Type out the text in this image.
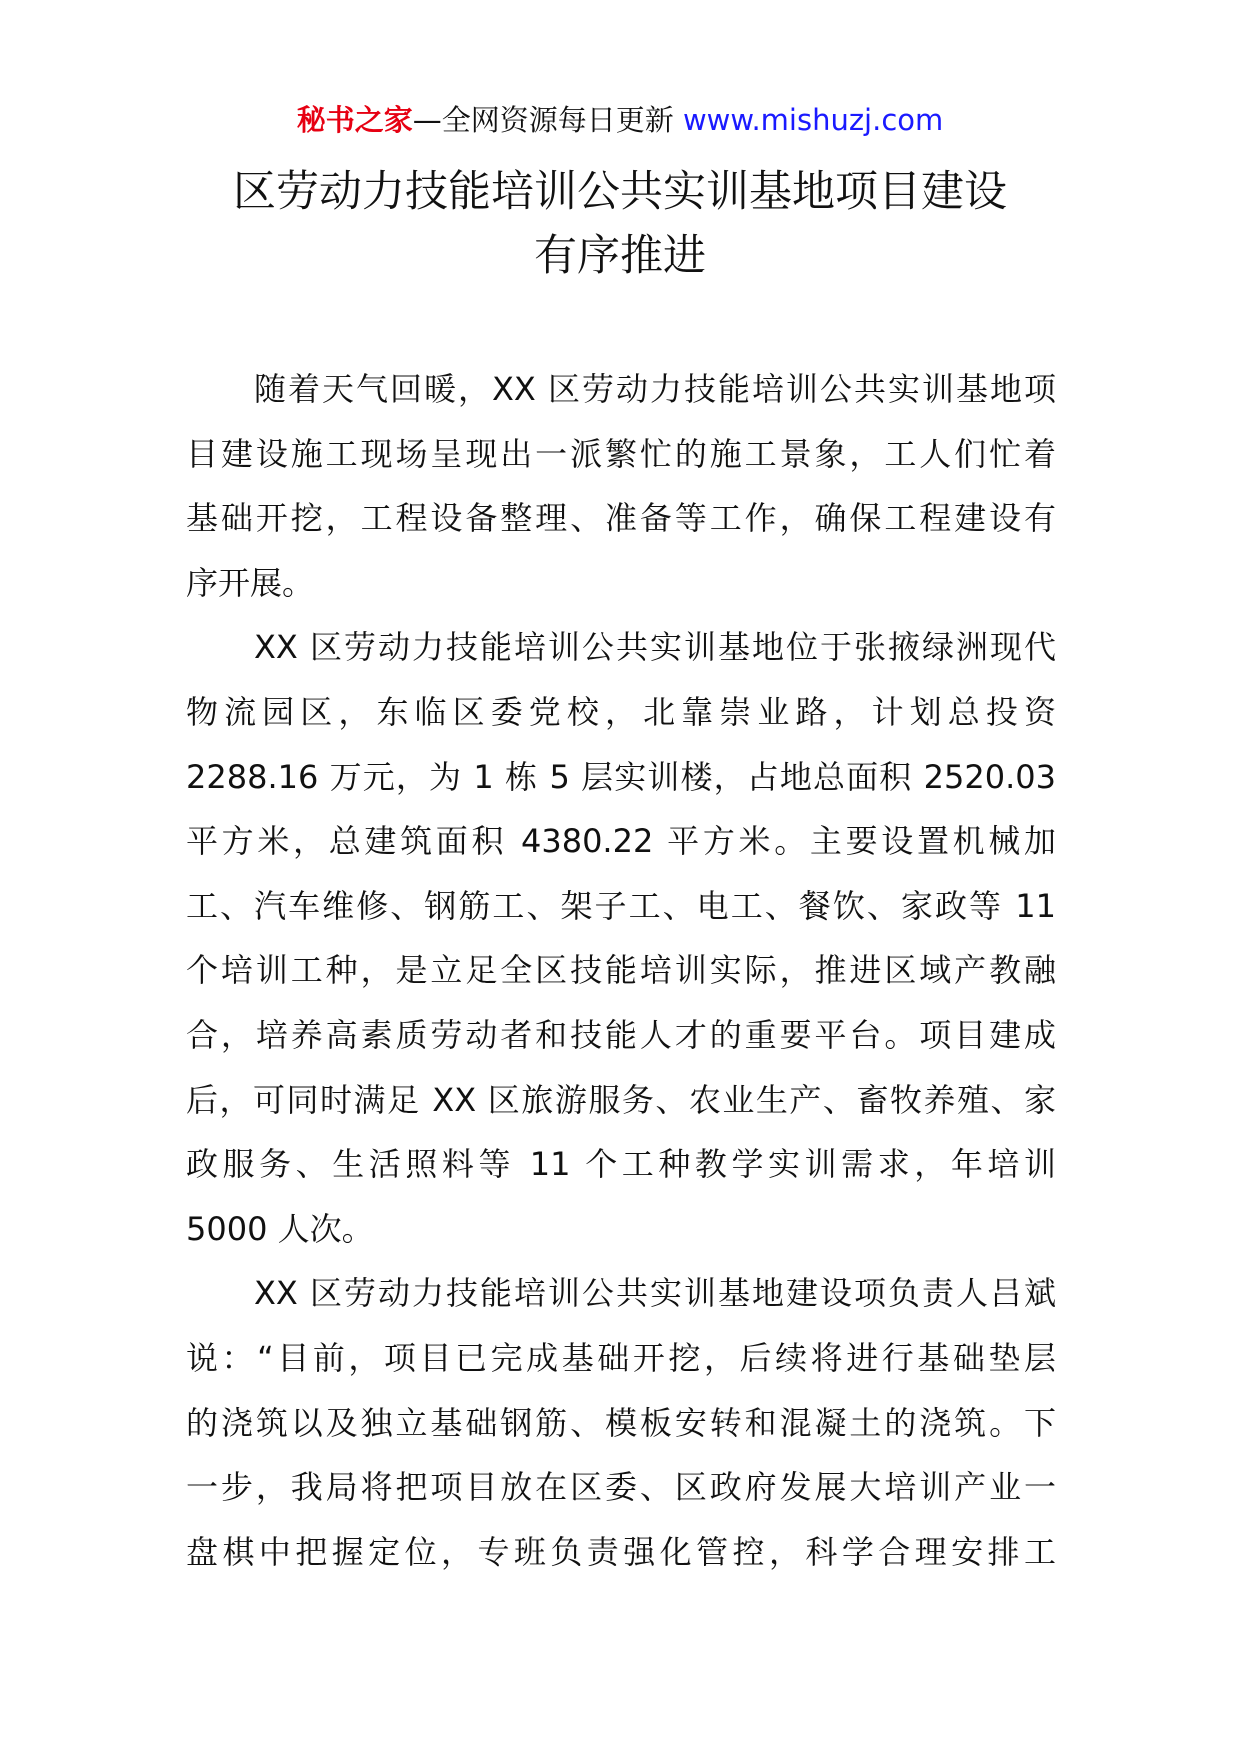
秘书之家—全网资源每日更新 www.mishuzj.com
区劳动力技能培训公共实训基地项目建设
有序推进
随着天气回暖，XX 区劳动力技能培训公共实训基地项
目建设施工现场呈现出一派繁忙的施工景象，工人们忙着
基础开挖，工程设备整理、准备等工作，确保工程建设有
序开展。
XX 区劳动力技能培训公共实训基地位于张掖绿洲现代
物流园区，东临区委党校，北靠崇业路，计划总投资
2288.16 万元，为 1 栋 5 层实训楼，占地总面积 2520.03
平方米，总建筑面积 4380.22 平方米。主要设置机械加
工、汽车维修、钢筋工、架子工、电工、餐饮、家政等 11
个培训工种，是立足全区技能培训实际，推进区域产教融
合，培养高素质劳动者和技能人才的重要平台。项目建成
后，可同时满足 XX 区旅游服务、农业生产、畜牧养殖、家
政服务、生活照料等 11 个工种教学实训需求，年培训
5000 人次。
XX 区劳动力技能培训公共实训基地建设项负责人吕斌
说：“目前，项目已完成基础开挖，后续将进行基础垫层
的浇筑以及独立基础钢筋、模板安转和混凝土的浇筑。下
一步，我局将把项目放在区委、区政府发展大培训产业一
盘棋中把握定位，专班负责强化管控，科学合理安排工
